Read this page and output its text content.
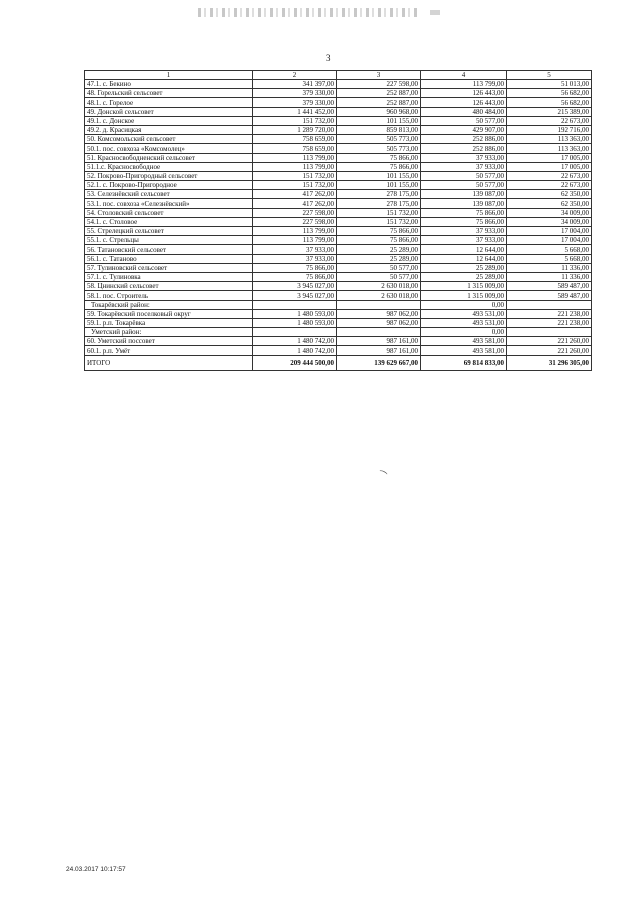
3
1	2	3	4	5
47.1. с. Бекино	341 397,00	227 598,00	113 799,00	51 013,00
48. Горельский сельсовет	379 330,00	252 887,00	126 443,00	56 682,00
48.1. с. Горелое	379 330,00	252 887,00	126 443,00	56 682,00
49. Донской сельсовет	1 441 452,00	960 968,00	480 484,00	215 389,00
49.1. с. Донское	151 732,00	101 155,00	50 577,00	22 673,00
49.2. д. Красицкая	1 289 720,00	859 813,00	429 907,00	192 716,00
50. Комсомольский сельсовет	758 659,00	505 773,00	252 886,00	113 363,00
50.1. пос. совхоза «Комсомолец»	758 659,00	505 773,00	252 886,00	113 363,00
51. Красносвободненский сельсовет	113 799,00	75 866,00	37 933,00	17 005,00
51.1.с. Красносвободное	113 799,00	75 866,00	37 933,00	17 005,00
52. Покрово-Пригородный сельсовет	151 732,00	101 155,00	50 577,00	22 673,00
52.1. с. Покрово-Пригородное	151 732,00	101 155,00	50 577,00	22 673,00
53. Селезнёвский сельсовет	417 262,00	278 175,00	139 087,00	62 350,00
53.1. пос. совхоза «Селезнёвский»	417 262,00	278 175,00	139 087,00	62 350,00
54. Столовский сельсовет	227 598,00	151 732,00	75 866,00	34 009,00
54.1. с. Столовое	227 598,00	151 732,00	75 866,00	34 009,00
55. Стрелецкий сельсовет	113 799,00	75 866,00	37 933,00	17 004,00
55.1. с. Стрельцы	113 799,00	75 866,00	37 933,00	17 004,00
56. Татановский сельсовет	37 933,00	25 289,00	12 644,00	5 668,00
56.1. с. Татаново	37 933,00	25 289,00	12 644,00	5 668,00
57. Тулиновский сельсовет	75 866,00	50 577,00	25 289,00	11 336,00
57.1. с. Тулиновка	75 866,00	50 577,00	25 289,00	11 336,00
58. Цнинский сельсовет	3 945 027,00	2 630 018,00	1 315 009,00	589 487,00
58.1. пос. Строитель	3 945 027,00	2 630 018,00	1 315 009,00	589 487,00
Токарёвский район:			0,00	
59. Токарёвский поселковый округ	1 480 593,00	987 062,00	493 531,00	221 238,00
59.1. р.п. Токарёвка	1 480 593,00	987 062,00	493 531,00	221 238,00
Уметский район:			0,00	
60. Уметский поссовет	1 480 742,00	987 161,00	493 581,00	221 260,00
60.1. р.п. Умёт	1 480 742,00	987 161,00	493 581,00	221 260,00
ИТОГО	209 444 500,00	139 629 667,00	69 814 833,00	31 296 305,00
⁀
24.03.2017 10:17:57
